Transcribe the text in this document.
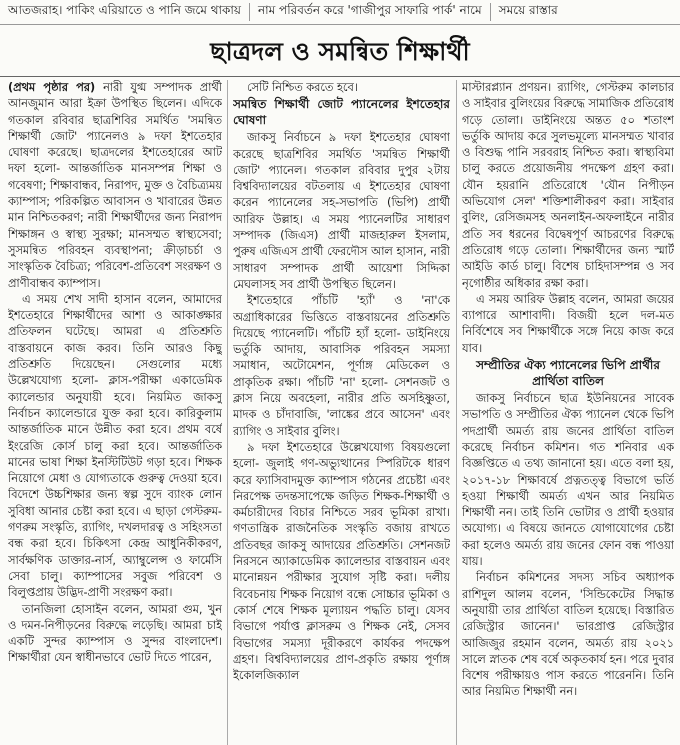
আতজরাহ। পাকিং এরিয়াতে ও পানি জমে থাকায়	নাম পরিবর্তন করে 'গাজীপুর সাফারি পার্ক' নামে	সময়ে রাস্তার
ছাত্রদল ও সমন্বিত শিক্ষার্থী

(প্রথম পৃষ্ঠার পর) নারী যুগ্ম সম্পাদক প্রার্থী আনজুমান আরা ইক্রা উপস্থিত ছিলেন। এদিকে গতকাল রবিবার ছাত্রশিবির সমর্থিত 'সমন্বিত শিক্ষার্থী জোট' প্যানেলও ৯ দফা ইশতেহার ঘোষণা করেছে। ছাত্রদলের ইশতেহারের আট দফা হলো- আন্তর্জাতিক মানসম্পন্ন শিক্ষা ও গবেষণা; শিক্ষাবান্ধব, নিরাপদ, মুক্ত ও বৈচিত্র্যময় ক্যাম্পাস; পরিকল্পিত আবাসন ও খাবারের উন্নত মান নিশ্চিতকরণ; নারী শিক্ষার্থীদের জন্য নিরাপদ শিক্ষাঙ্গন ও স্বাস্থ্য সুরক্ষা; মানসম্মত স্বাস্থ্যসেবা; সুসমন্বিত পরিবহন ব্যবস্থাপনা; ক্রীড়াচর্চা ও সাংস্কৃতিক বৈচিত্র্য; পরিবেশ-প্রতিবেশ সংরক্ষণ ও প্রাণীবান্ধব ক্যাম্পাস।

এ সময় শেখ সাদী হাসান বলেন, আমাদের ইশতেহারে শিক্ষার্থীদের আশা ও আকাঙ্ক্ষার প্রতিফলন ঘটেছে। আমরা এ প্রতিশ্রুতি বাস্তবায়নে কাজ করব। তিনি আরও কিছু প্রতিশ্রুতি দিয়েছেন। সেগুলোর মধ্যে উল্লেখযোগ্য হলো- ক্লাস-পরীক্ষা একাডেমিক ক্যালেন্ডার অনুযায়ী হবে। নিয়মিত জাকসু নির্বাচন ক্যালেন্ডারে যুক্ত করা হবে। কারিকুলাম আন্তর্জাতিক মানে উন্নীত করা হবে। প্রথম বর্ষে ইংরেজি কোর্স চালু করা হবে। আন্তর্জাতিক মানের ভাষা শিক্ষা ইনস্টিটিউট গড়া হবে। শিক্ষক নিয়োগে মেধা ও যোগ্যতাকে গুরুত্ব দেওয়া হবে। বিদেশে উচ্চশিক্ষার জন্য স্বল্প সুদে ব্যাংক লোন সুবিধা আনার চেষ্টা করা হবে। এ ছাড়া গেস্টরুম-গণরুম সংস্কৃতি, র‌্যাগিং, দখলদারত্ব ও সহিংসতা বন্ধ করা হবে। চিকিৎসা কেন্দ্র আধুনিকীকরণ, সার্বক্ষণিক ডাক্তার-নার্স, অ্যাম্বুলেন্স ও ফার্মেসি সেবা চালু। ক্যাম্পাসের সবুজ পরিবেশ ও বিলুপ্তপ্রায় উদ্ভিদ-প্রাণী সংরক্ষণ করা।

তানজিলা হোসাইন বলেন, আমরা গুম, খুন ও দমন-নিপীড়নের বিরুদ্ধে লড়েছি। আমরা চাই একটি সুন্দর ক্যাম্পাস ও সুন্দর বাংলাদেশ। শিক্ষার্থীরা যেন স্বাধীনভাবে ভোট দিতে পারেন,

সেটি নিশ্চিত করতে হবে।

সমন্বিত শিক্ষার্থী জোট প্যানেলের ইশতেহার ঘোষণা

জাকসু নির্বাচনে ৯ দফা ইশতেহার ঘোষণা করেছে ছাত্রশিবির সমর্থিত 'সমন্বিত শিক্ষার্থী জোট' প্যানেল। গতকাল রবিবার দুপুর ২টায় বিশ্ববিদ্যালয়ের বটতলায় এ ইশতেহার ঘোষণা করেন প্যানেলের সহ-সভাপতি (ভিপি) প্রার্থী আরিফ উল্লাহ। এ সময় প্যানেলটির সাধারণ সম্পাদক (জিএস) প্রার্থী মাজহারুল ইসলাম, পুরুষ এজিএস প্রার্থী ফেরদৌস আল হাসান, নারী সাধারণ সম্পাদক প্রার্থী আয়েশা সিদ্দিকা মেঘলাসহ সব প্রার্থী উপস্থিত ছিলেন।

ইশতেহারে পাঁচটি 'হ্যাঁ' ও 'না'কে অগ্রাধিকারের ভিত্তিতে বাস্তবায়নের প্রতিশ্রুতি দিয়েছে প্যানেলটি। পাঁচটি হ্যাঁ হলো- ডাইনিংয়ে ভর্তুকি আদায়, আবাসিক পরিবহন সমস্যা সমাধান, অটোমেশন, পূর্ণাঙ্গ মেডিকেল ও প্রাকৃতিক রক্ষা। পাঁচটি 'না' হলো- সেশনজট ও ক্লাস নিয়ে অবহেলা, নারীর প্রতি অসহিষ্ণুতা, মাদক ও চাঁদাবাজি, 'লাঙ্কের প্রবে আসেন' এবং র‌্যাগিং ও সাইবার বুলিং।

৯ দফা ইশতেহারে উল্লেখযোগ্য বিষয়গুলো হলো- জুলাই গণ-অভ্যুত্থানের স্পিরিটকে ধারণ করে ফ্যাসিবাদমুক্ত ক্যাম্পাস গঠনের প্রচেষ্টা এবং নিরপেক্ষ তদন্তসাপেক্ষে জড়িত শিক্ষক-শিক্ষার্থী ও কর্মচারীদের বিচার নিশ্চিতে সরব ভূমিকা রাখা। গণতান্ত্রিক রাজনৈতিক সংস্কৃতি বজায় রাখতে প্রতিবছর জাকসু আদায়ের প্রতিশ্রুতি। সেশনজট নিরসনে অ্যাকাডেমিক ক্যালেন্ডার বাস্তবায়ন এবং মানোন্নয়ন পরীক্ষার সুযোগ সৃষ্টি করা। দলীয় বিবেচনায় শিক্ষক নিয়োগ বন্ধে সোচ্চার ভূমিকা ও কোর্স শেষে শিক্ষক মূল্যায়ন পদ্ধতি চালু। যেসব বিভাগে পর্যাপ্ত ক্লাসরুম ও শিক্ষক নেই, সেসব বিভাগের সমস্যা দূরীকরণে কার্যকর পদক্ষেপ গ্রহণ। বিশ্ববিদ্যালয়ের প্রাণ-প্রকৃতি রক্ষায় পূর্ণাঙ্গ ইকোলজিক্যাল

মাস্টারপ্ল্যান প্রণয়ন। র‌্যাগিং, গেস্টরুম কালচার ও সাইবার বুলিংয়ের বিরুদ্ধে সামাজিক প্রতিরোধ গড়ে তোলা। ডাইনিংয়ে অন্তত ৫০ শতাংশ ভর্তুকি আদায় করে সুলভমূল্যে মানসম্মত খাবার ও বিশুদ্ধ পানি সরবরাহ নিশ্চিত করা। স্বাস্থ্যবিমা চালু করতে প্রয়োজনীয় পদক্ষেপ গ্রহণ করা। যৌন হয়রানি প্রতিরোধে 'যৌন নিপীড়ন অভিযোগ সেল' শক্তিশালীকরণ করা। সাইবার বুলিং, রেসিজমসহ অনলাইন-অফলাইনে নারীর প্রতি সব ধরনের বিদ্বেষপূর্ণ আচরণের বিরুদ্ধে প্রতিরোধ গড়ে তোলা। শিক্ষার্থীদের জন্য স্মার্ট আইডি কার্ড চালু। বিশেষ চাহিদাসম্পন্ন ও সব নৃগোষ্ঠীর অধিকার রক্ষা করা।

এ সময় আরিফ উল্লাহ বলেন, আমরা জয়ের ব্যাপারে আশাবাদী। বিজয়ী হলে দল-মত নির্বিশেষে সব শিক্ষার্থীকে সঙ্গে নিয়ে কাজ করে যাব।

সম্প্রীতির ঐক্য প্যানেলের ভিপি প্রার্থীর প্রার্থিতা বাতিল

জাকসু নির্বাচনে ছাত্র ইউনিয়নের সাবেক সভাপতি ও সম্প্রীতির ঐক্য প্যানেল থেকে ভিপি পদপ্রার্থী অমর্ত্য রায় জনের প্রার্থিতা বাতিল করেছে নির্বাচন কমিশন। গত শনিবার এক বিজ্ঞপ্তিতে এ তথ্য জানানো হয়। এতে বলা হয়, ২০১৭-১৮ শিক্ষাবর্ষে প্রত্নতত্ত্ব বিভাগে ভর্তি হওয়া শিক্ষার্থী অমর্ত্য এখন আর নিয়মিত শিক্ষার্থী নন। তাই তিনি ভোটার ও প্রার্থী হওয়ার অযোগ্য। এ বিষয়ে জানতে যোগাযোগের চেষ্টা করা হলেও অমর্ত্য রায় জনের ফোন বন্ধ পাওয়া যায়।

নির্বাচন কমিশনের সদস্য সচিব অধ্যাপক রাশিদুল আলম বলেন, 'সিন্ডিকেটের সিদ্ধান্ত অনুযায়ী তার প্রার্থিতা বাতিল হয়েছে। বিস্তারিত রেজিস্ট্রার জানেন।' ভারপ্রাপ্ত রেজিস্ট্রার আজিজুর রহমান বলেন, অমর্ত্য রায় ২০২১ সালে স্নাতক শেষ বর্ষে অকৃতকার্য হন। পরে দুবার বিশেষ পরীক্ষায়ও পাস করতে পারেননি। তিনি আর নিয়মিত শিক্ষার্থী নন।
